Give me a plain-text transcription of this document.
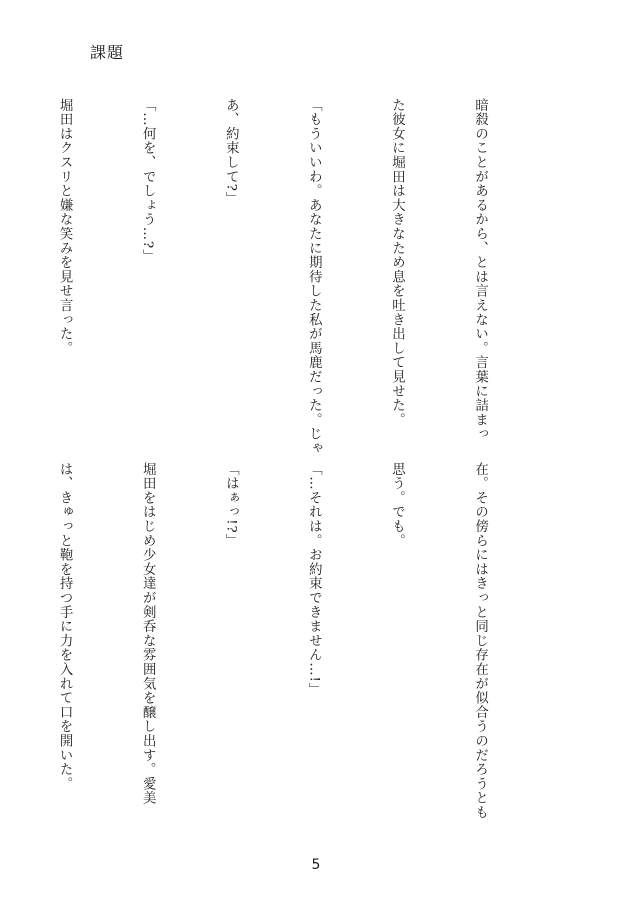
課題

暗殺のことがあるから、とは言えない。言葉に詰まっ

た彼女に堀田は大きなため息を吐き出して見せた。

「もういいわ。あなたに期待した私が馬鹿だった。じゃ

あ、約束して?」

「…何を、でしょう…?」

堀田はクスリと嫌な笑みを見せ言った。

在。その傍らにはきっと同じ存在が似合うのだろうとも

思う。でも。

「…それは。お約束できません…!」

「はぁっ!?」

堀田をはじめ少女達が剣呑な雰囲気を醸し出す。愛美

は、きゅっと鞄を持つ手に力を入れて口を開いた。

5
